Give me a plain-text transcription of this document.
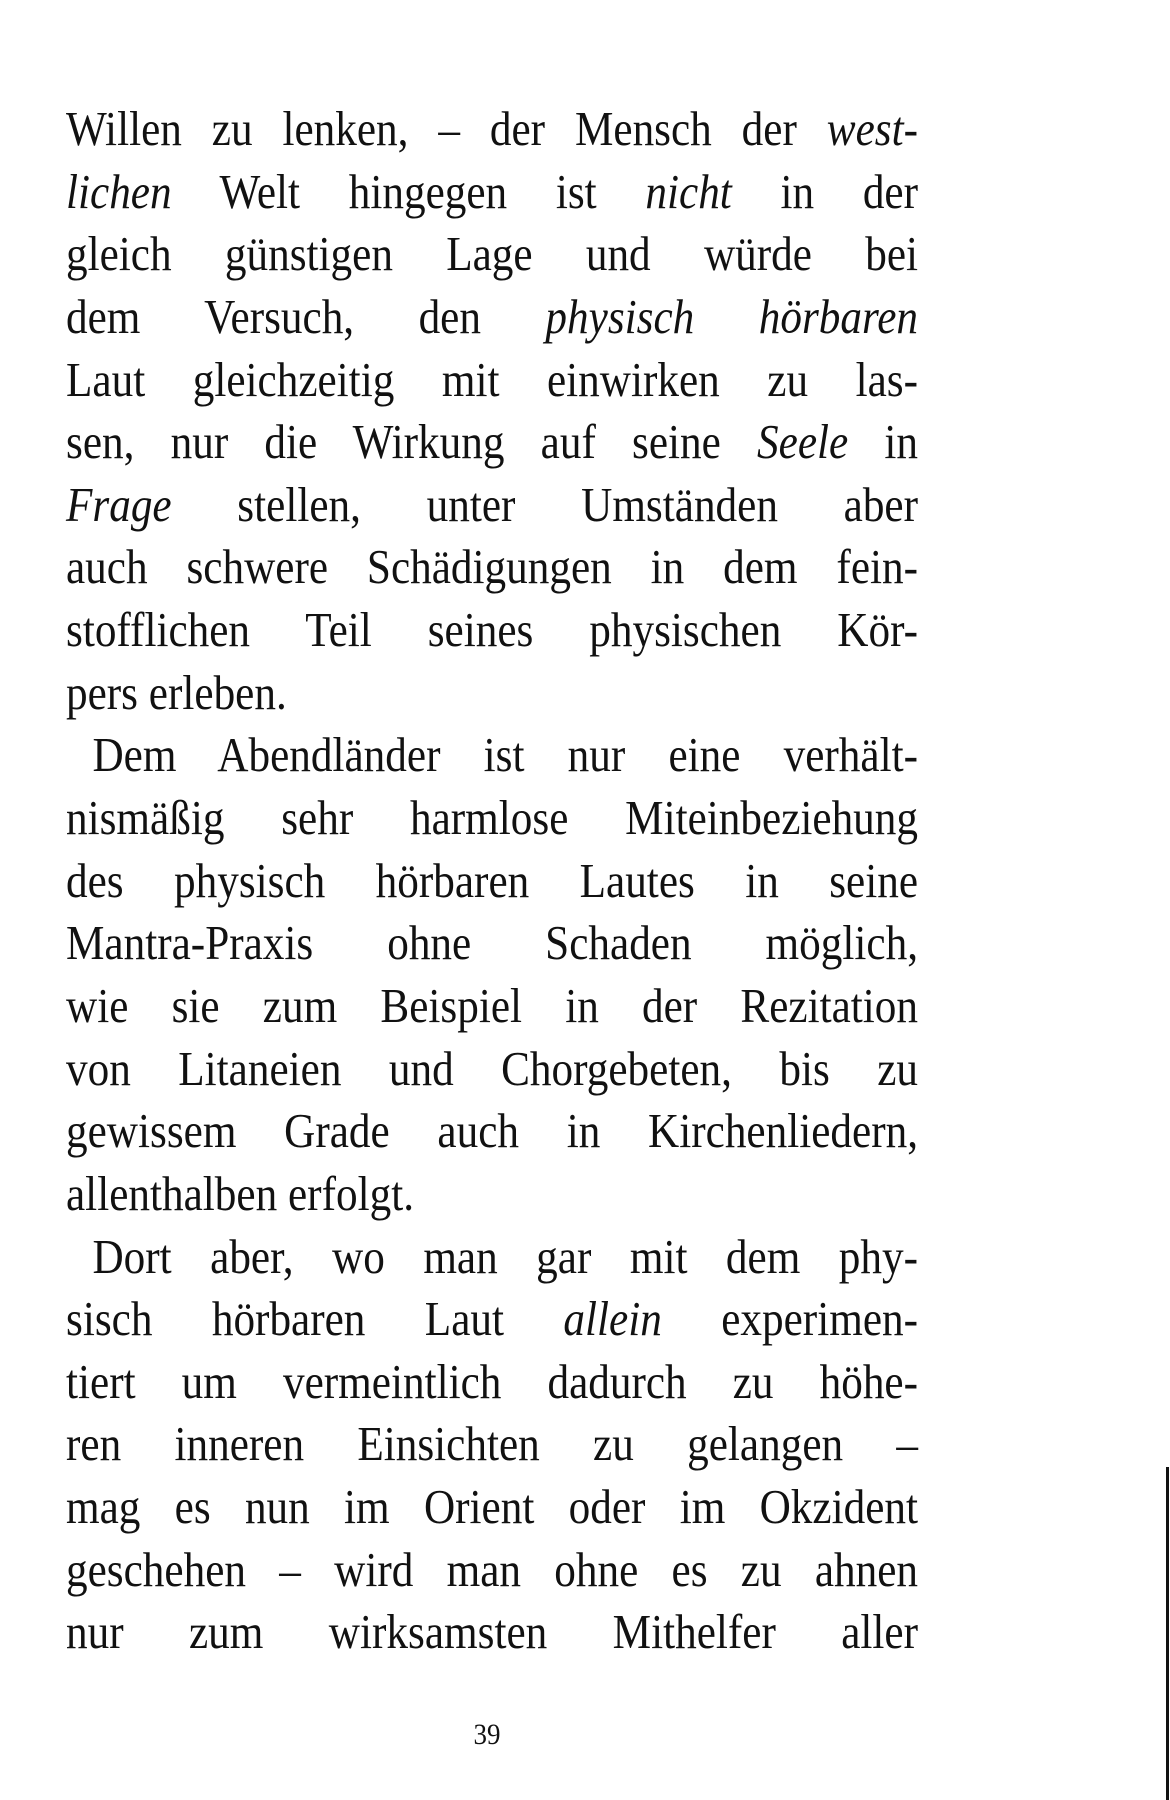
Willen zu lenken, – der Mensch der west-
lichen Welt hingegen ist nicht in der
gleich günstigen Lage und würde bei
dem Versuch, den physisch hörbaren
Laut gleichzeitig mit einwirken zu las-
sen, nur die Wirkung auf seine Seele in
Frage stellen, unter Umständen aber
auch schwere Schädigungen in dem fein-
stofflichen Teil seines physischen Kör-
pers erleben.
Dem Abendländer ist nur eine verhält-
nismäßig sehr harmlose Miteinbeziehung
des physisch hörbaren Lautes in seine
Mantra-Praxis ohne Schaden möglich,
wie sie zum Beispiel in der Rezitation
von Litaneien und Chorgebeten, bis zu
gewissem Grade auch in Kirchenliedern,
allenthalben erfolgt.
Dort aber, wo man gar mit dem phy-
sisch hörbaren Laut allein experimen-
tiert um vermeintlich dadurch zu höhe-
ren inneren Einsichten zu gelangen –
mag es nun im Orient oder im Okzident
geschehen – wird man ohne es zu ahnen
nur zum wirksamsten Mithelfer aller
39
